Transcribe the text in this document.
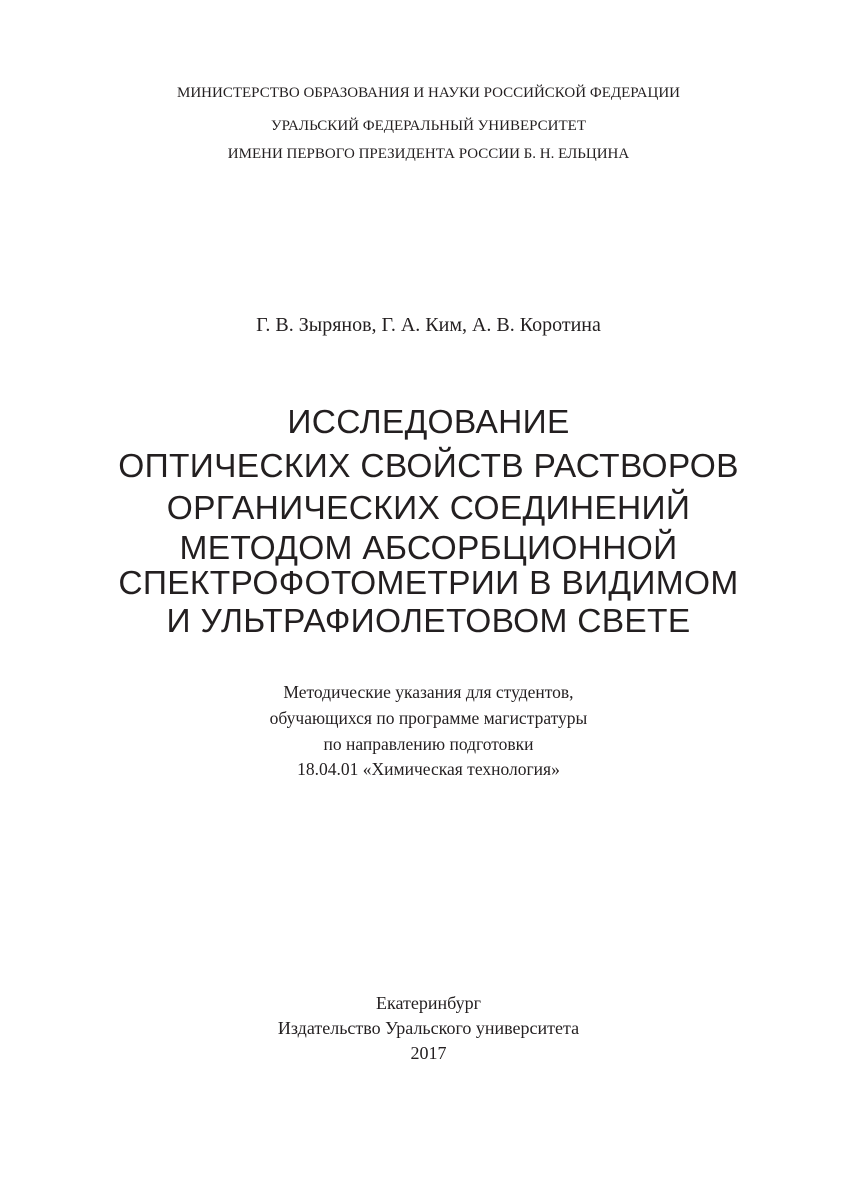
МИНИСТЕРСТВО ОБРАЗОВАНИЯ И НАУКИ РОССИЙСКОЙ ФЕДЕРАЦИИ
УРАЛЬСКИЙ ФЕДЕРАЛЬНЫЙ УНИВЕРСИТЕТ
ИМЕНИ ПЕРВОГО ПРЕЗИДЕНТА РОССИИ Б. Н. ЕЛЬЦИНА
Г. В. Зырянов, Г. А. Ким, А. В. Коротина
ИССЛЕДОВАНИЕ
ОПТИЧЕСКИХ СВОЙСТВ РАСТВОРОВ
ОРГАНИЧЕСКИХ СОЕДИНЕНИЙ
МЕТОДОМ АБСОРБЦИОННОЙ
СПЕКТРОФОТОМЕТРИИ В ВИДИМОМ
И УЛЬТРАФИОЛЕТОВОМ СВЕТЕ
Методические указания для студентов,
обучающихся по программе магистратуры
по направлению подготовки
18.04.01 «Химическая технология»
Екатеринбург
Издательство Уральского университета
2017
